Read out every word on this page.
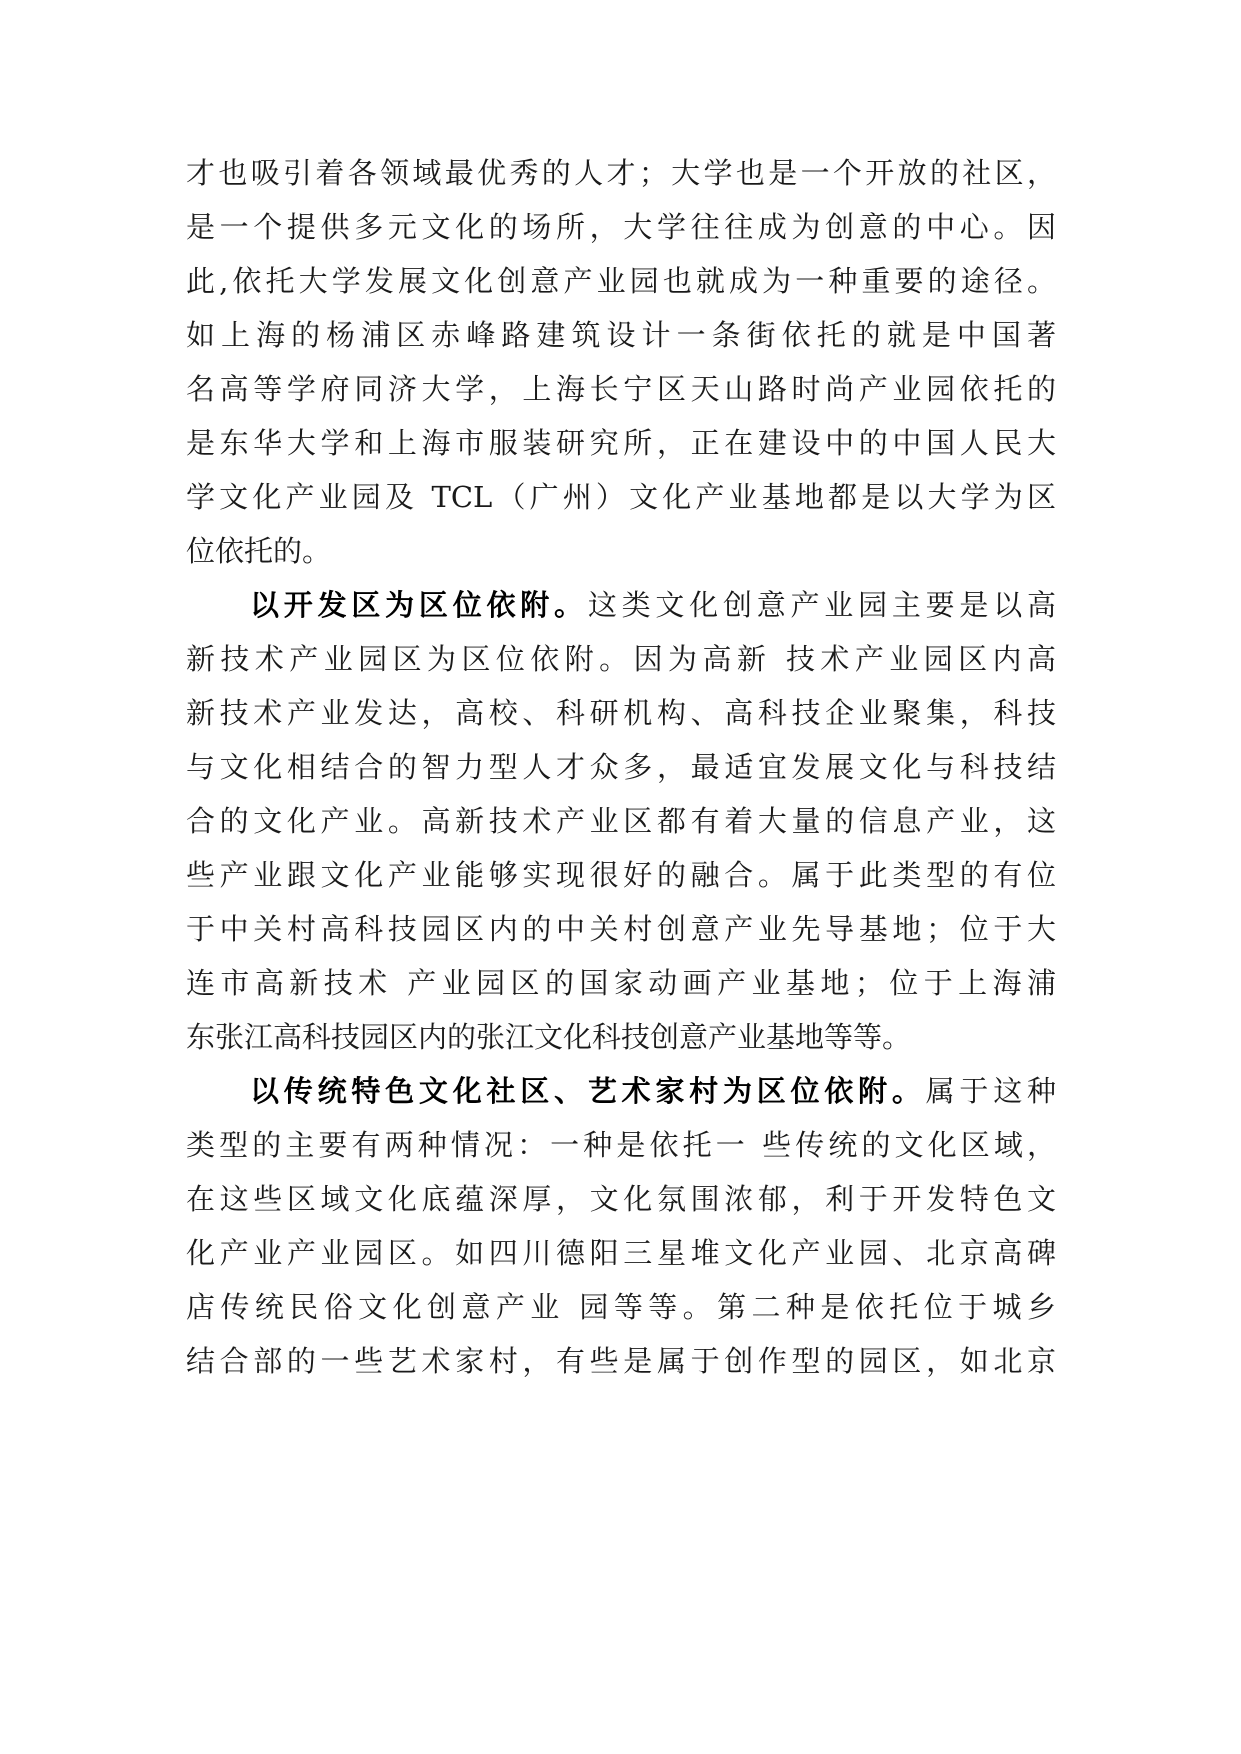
才也吸引着各领域最优秀的人才；大学也是一个开放的社区，
是一个提供多元文化的场所，大学往往成为创意的中心。因
此,依托大学发展文化创意产业园也就成为一种重要的途径。
如上海的杨浦区赤峰路建筑设计一条街依托的就是中国著
名高等学府同济大学，上海长宁区天山路时尚产业园依托的
是东华大学和上海市服装研究所，正在建设中的中国人民大
学文化产业园及 TCL（广州）文化产业基地都是以大学为区
位依托的。
以开发区为区位依附。这类文化创意产业园主要是以高
新技术产业园区为区位依附。因为高新 技术产业园区内高
新技术产业发达，高校、科研机构、高科技企业聚集，科技
与文化相结合的智力型人才众多，最适宜发展文化与科技结
合的文化产业。高新技术产业区都有着大量的信息产业，这
些产业跟文化产业能够实现很好的融合。属于此类型的有位
于中关村高科技园区内的中关村创意产业先导基地；位于大
连市高新技术 产业园区的国家动画产业基地；位于上海浦
东张江高科技园区内的张江文化科技创意产业基地等等。
以传统特色文化社区、艺术家村为区位依附。属于这种
类型的主要有两种情况：一种是依托一 些传统的文化区域，
在这些区域文化底蕴深厚，文化氛围浓郁，利于开发特色文
化产业产业园区。如四川德阳三星堆文化产业园、北京高碑
店传统民俗文化创意产业 园等等。第二种是依托位于城乡
结合部的一些艺术家村，有些是属于创作型的园区，如北京
